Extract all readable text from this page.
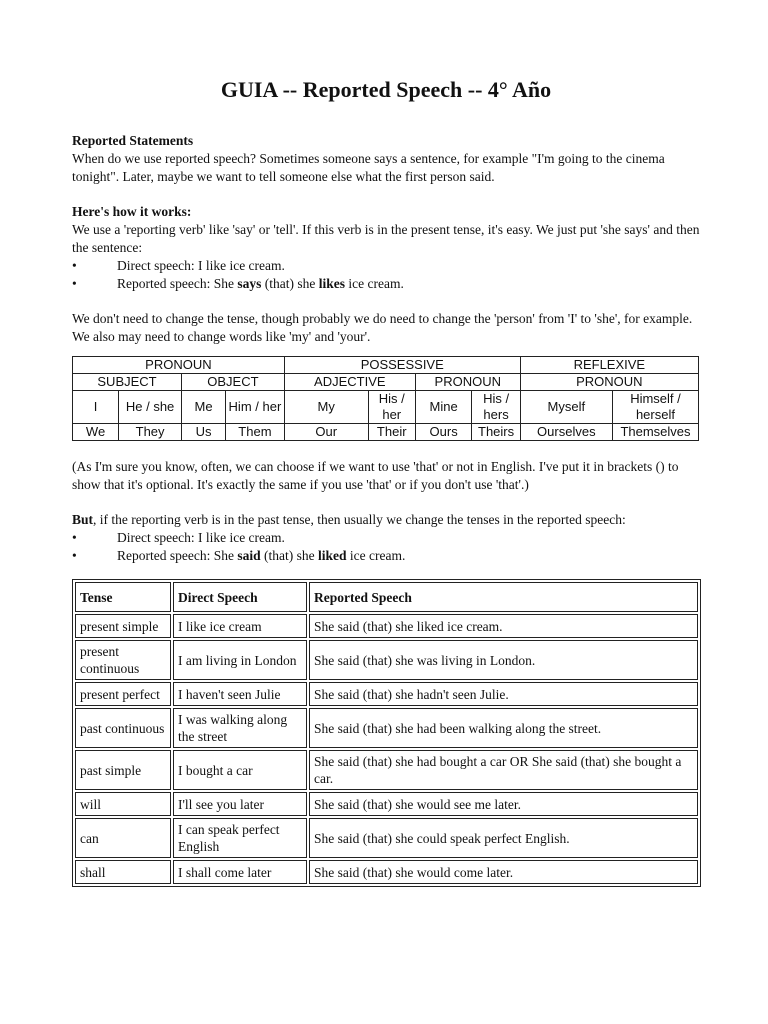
GUIA -- Reported Speech -- 4° Año

Reported Statements

When do we use reported speech? Sometimes someone says a sentence, for example "I'm going to the cinema tonight". Later, maybe we want to tell someone else what the first person said.

Here's how it works:

We use a 'reporting verb' like 'say' or 'tell'. If this verb is in the present tense, it's easy. We just put 'she says' and then the sentence:

•	Direct speech: I like ice cream.
•	Reported speech: She says (that) she likes ice cream.

We don't need to change the tense, though probably we do need to change the 'person' from 'I' to 'she', for example. We also may need to change words like 'my' and 'your'.

PRONOUN				POSSESSIVE				REFLEXIVE	
SUBJECT		OBJECT		ADJECTIVE		PRONOUN		PRONOUN	
I	He / she	Me	Him / her	My	His / her	Mine	His / hers	Myself	Himself / herself
We	They	Us	Them	Our	Their	Ours	Theirs	Ourselves	Themselves

(As I'm sure you know, often, we can choose if we want to use 'that' or not in English. I've put it in brackets () to show that it's optional. It's exactly the same if you use 'that' or if you don't use 'that'.)

But, if the reporting verb is in the past tense, then usually we change the tenses in the reported speech:

•	Direct speech: I like ice cream.
•	Reported speech: She said (that) she liked ice cream.
Tense	Direct Speech	Reported Speech
present simple	I like ice cream	She said (that) she liked ice cream.
present continuous	I am living in London	She said (that) she was living in London.
present perfect	I haven't seen Julie	She said (that) she hadn't seen Julie.
past continuous	I was walking along the street	She said (that) she had been walking along the street.
past simple	I bought a car	She said (that) she had bought a car OR She said (that) she bought a car.
will	I'll see you later	She said (that) she would see me later.
can	I can speak perfect English	She said (that) she could speak perfect English.
shall	I shall come later	She said (that) she would come later.
